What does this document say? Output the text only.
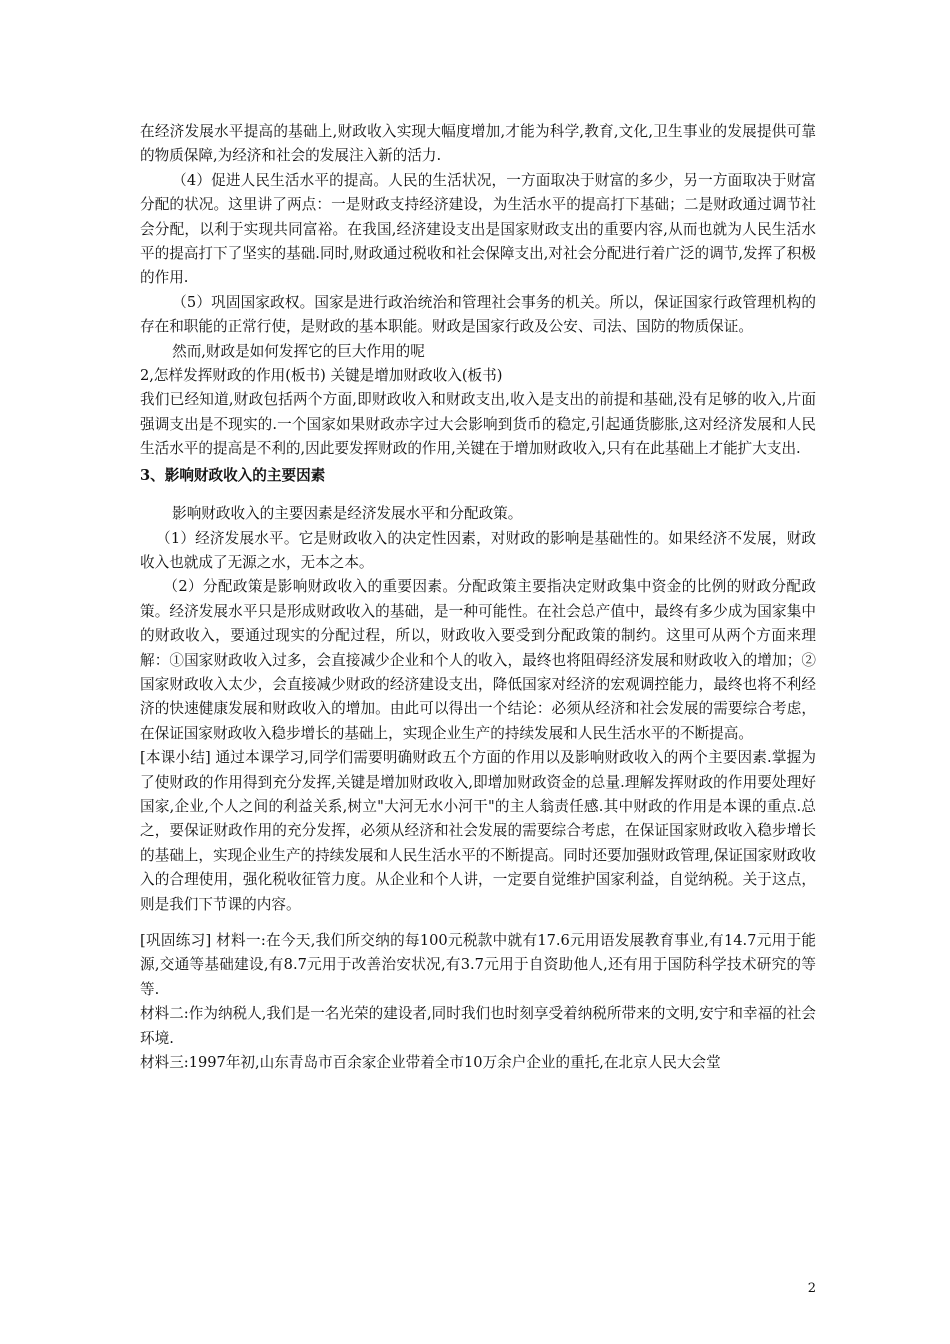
在经济发展水平提高的基础上,财政收入实现大幅度增加,才能为科学,教育,文化,卫生事业的发展提供可靠的物质保障,为经济和社会的发展注入新的活力.

（4）促进人民生活水平的提高。人民的生活状况，一方面取决于财富的多少，另一方面取决于财富分配的状况。这里讲了两点：一是财政支持经济建设，为生活水平的提高打下基础；二是财政通过调节社会分配，以利于实现共同富裕。在我国,经济建设支出是国家财政支出的重要内容,从而也就为人民生活水平的提高打下了坚实的基础.同时,财政通过税收和社会保障支出,对社会分配进行着广泛的调节,发挥了积极的作用.

（5）巩固国家政权。国家是进行政治统治和管理社会事务的机关。所以，保证国家行政管理机构的存在和职能的正常行使，是财政的基本职能。财政是国家行政及公安、司法、国防的物质保证。

然而,财政是如何发挥它的巨大作用的呢

2,怎样发挥财政的作用(板书) 关键是增加财政收入(板书)

我们已经知道,财政包括两个方面,即财政收入和财政支出,收入是支出的前提和基础,没有足够的收入,片面强调支出是不现实的.一个国家如果财政赤字过大会影响到货币的稳定,引起通货膨胀,这对经济发展和人民生活水平的提高是不利的,因此要发挥财政的作用,关键在于增加财政收入,只有在此基础上才能扩大支出.

3、影响财政收入的主要因素

影响财政收入的主要因素是经济发展水平和分配政策。

（1）经济发展水平。它是财政收入的决定性因素，对财政的影响是基础性的。如果经济不发展，财政收入也就成了无源之水，无本之本。

（2）分配政策是影响财政收入的重要因素。分配政策主要指决定财政集中资金的比例的财政分配政策。经济发展水平只是形成财政收入的基础，是一种可能性。在社会总产值中，最终有多少成为国家集中的财政收入，要通过现实的分配过程，所以，财政收入要受到分配政策的制约。这里可从两个方面来理解：①国家财政收入过多，会直接减少企业和个人的收入，最终也将阻碍经济发展和财政收入的增加；②国家财政收入太少，会直接减少财政的经济建设支出，降低国家对经济的宏观调控能力，最终也将不利经济的快速健康发展和财政收入的增加。由此可以得出一个结论：必须从经济和社会发展的需要综合考虑，在保证国家财政收入稳步增长的基础上，实现企业生产的持续发展和人民生活水平的不断提高。

[本课小结] 通过本课学习,同学们需要明确财政五个方面的作用以及影响财政收入的两个主要因素.掌握为了使财政的作用得到充分发挥,关键是增加财政收入,即增加财政资金的总量.理解发挥财政的作用要处理好国家,企业,个人之间的利益关系,树立"大河无水小河干"的主人翁责任感.其中财政的作用是本课的重点.总之，要保证财政作用的充分发挥，必须从经济和社会发展的需要综合考虑，在保证国家财政收入稳步增长的基础上，实现企业生产的持续发展和人民生活水平的不断提高。同时还要加强财政管理,保证国家财政收入的合理使用，强化税收征管力度。从企业和个人讲，一定要自觉维护国家利益，自觉纳税。关于这点，则是我们下节课的内容。

[巩固练习] 材料一:在今天,我们所交纳的每100元税款中就有17.6元用语发展教育事业,有14.7元用于能源,交通等基础建设,有8.7元用于改善治安状况,有3.7元用于自资助他人,还有用于国防科学技术研究的等等.

材料二:作为纳税人,我们是一名光荣的建设者,同时我们也时刻享受着纳税所带来的文明,安宁和幸福的社会环境.

材料三:1997年初,山东青岛市百余家企业带着全市10万余户企业的重托,在北京人民大会堂

2
